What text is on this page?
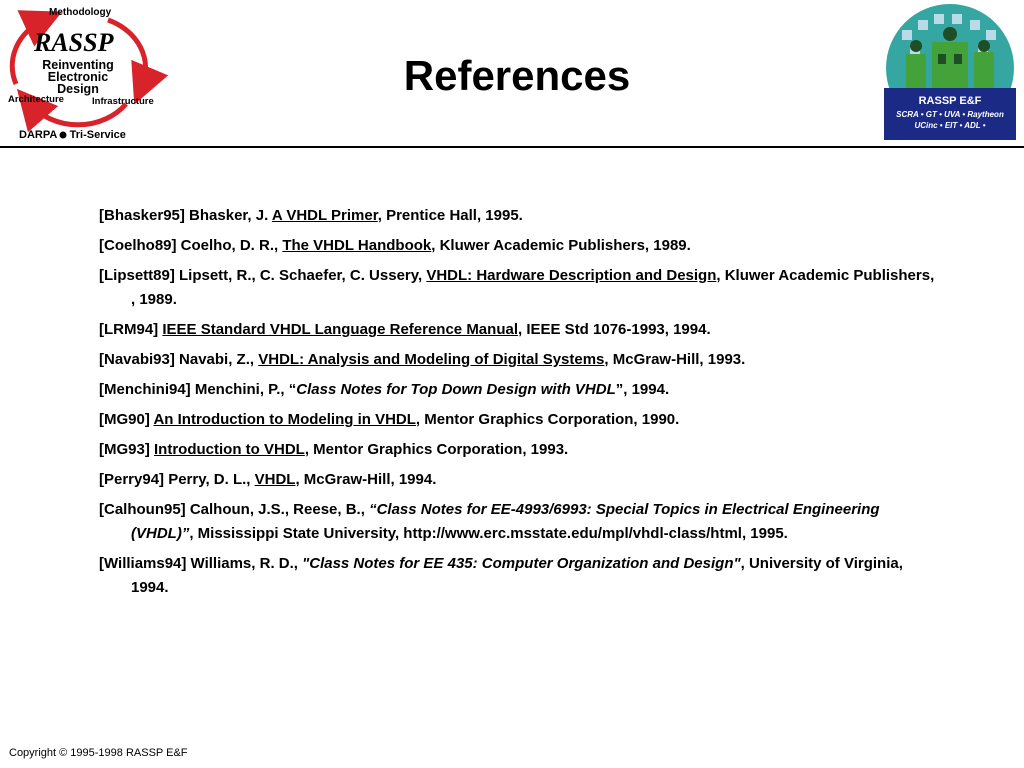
Methodology
RASSP
Reinventing
Electronic
Design
Architecture	Infrastructure
DARPA ● Tri-Service
References
RASSP E&F
SCRA • GT • UVA • Raytheon
UCinc • EIT • ADL •
[Bhasker95] Bhasker, J. A VHDL Primer, Prentice Hall, 1995.
[Coelho89] Coelho, D. R., The VHDL Handbook, Kluwer Academic Publishers, 1989.
[Lipsett89] Lipsett, R., C. Schaefer, C. Ussery, VHDL: Hardware Description and Design, Kluwer Academic Publishers, , 1989.
[LRM94] IEEE Standard VHDL Language Reference Manual, IEEE Std 1076-1993, 1994.
[Navabi93] Navabi, Z., VHDL: Analysis and Modeling of Digital Systems, McGraw-Hill, 1993.
[Menchini94] Menchini, P., “Class Notes for Top Down Design with VHDL”, 1994.
[MG90] An Introduction to Modeling in VHDL, Mentor Graphics Corporation, 1990.
[MG93] Introduction to VHDL, Mentor Graphics Corporation, 1993.
[Perry94] Perry, D. L., VHDL, McGraw-Hill, 1994.
[Calhoun95] Calhoun, J.S., Reese, B., “Class Notes for EE-4993/6993: Special Topics in Electrical Engineering (VHDL)”, Mississippi State University, http://www.erc.msstate.edu/mpl/vhdl-class/html, 1995.
[Williams94] Williams, R. D., "Class Notes for EE 435: Computer Organization and Design", University of Virginia, 1994.
Copyright © 1995-1998 RASSP E&F
